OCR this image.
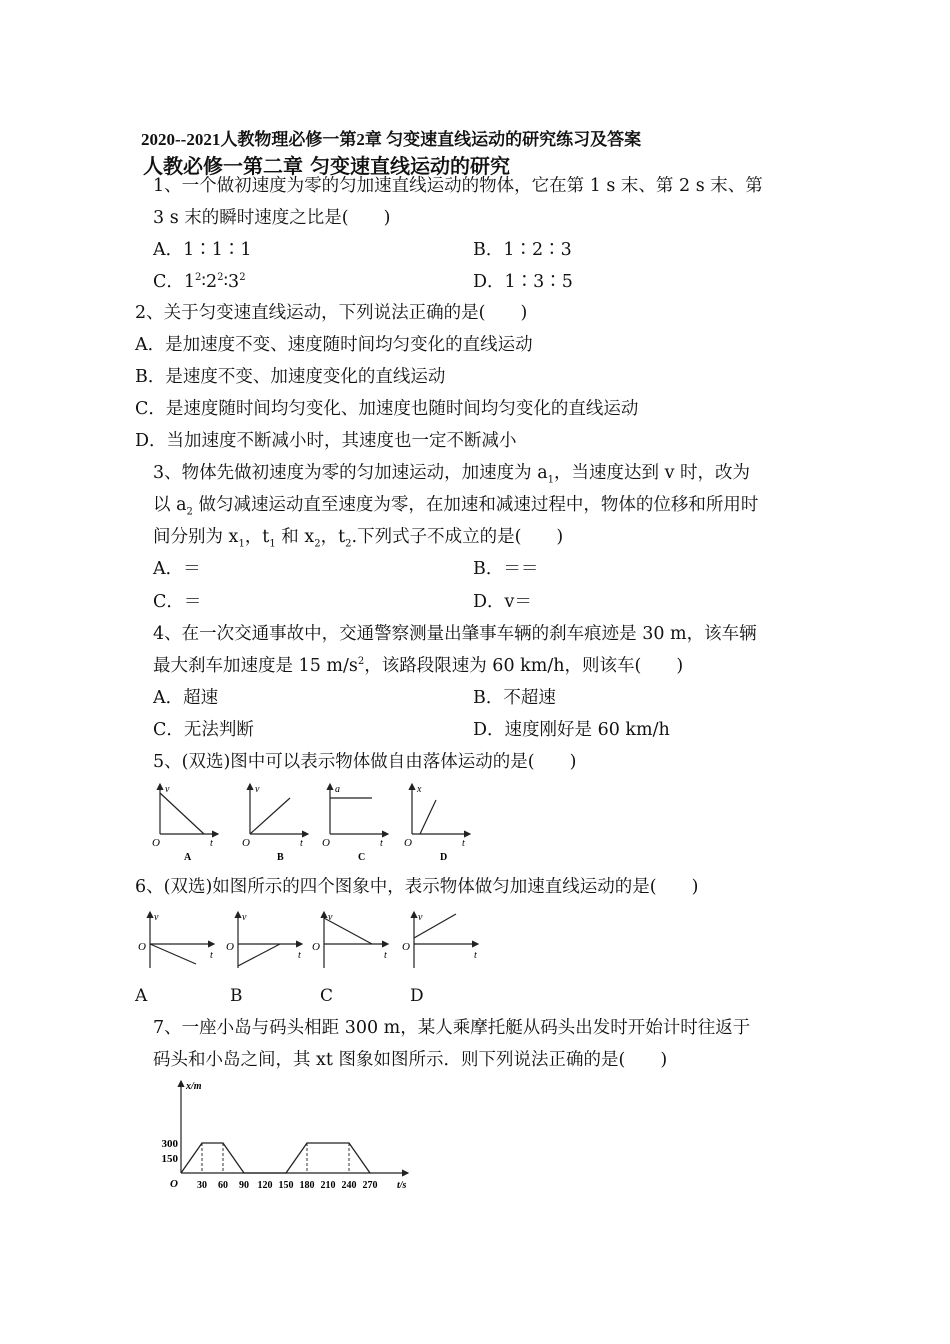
2020--2021人教物理必修一第2章 匀变速直线运动的研究练习及答案
人教必修一第二章 匀变速直线运动的研究
1、一个做初速度为零的匀加速直线运动的物体，它在第 1 s 末、第 2 s 末、第
3 s 末的瞬时速度之比是(　　)
A．1∶1∶1	B．1∶2∶3
C．$1^2∶2^2∶3^2$	D．1∶3∶5
2、关于匀变速直线运动，下列说法正确的是(　　)
A．是加速度不变、速度随时间均匀变化的直线运动
B．是速度不变、加速度变化的直线运动
C．是速度随时间均匀变化、加速度也随时间均匀变化的直线运动
D．当加速度不断减小时，其速度也一定不断减小
3、物体先做初速度为零的匀加速运动，加速度为 $a_1$，当速度达到 v 时，改为
以 $a_2$ 做匀减速运动直至速度为零，在加速和减速过程中，物体的位移和所用时
间分别为 $x_1$，$t_1$ 和 $x_2$，$t_2$.下列式子不成立的是(　　)
A．＝	B．＝＝
C．＝	D．v＝
4、在一次交通事故中，交通警察测量出肇事车辆的刹车痕迹是 30 m，该车辆
最大刹车加速度是 15 $m/s^2$，该路段限速为 60 km/h，则该车(　　)
A．超速	B．不超速
C．无法判断	D．速度刚好是 60 km/h
5、(双选)图中可以表示物体做自由落体运动的是(　　)
v
t
O
A
v
t
O
B
a
t
O
C
x
t
O
D
6、(双选)如图所示的四个图象中，表示物体做匀加速直线运动的是(　　)
v
t
O
v
t
O
v
t
O
v
t
O
A	B	C	D
7、一座小岛与码头相距 300 m，某人乘摩托艇从码头出发时开始计时往返于
码头和小岛之间，其 xt 图象如图所示．则下列说法正确的是(　　)
x/m
t/s
O 30 60 90 120 150 180 210 240 270
150
300
